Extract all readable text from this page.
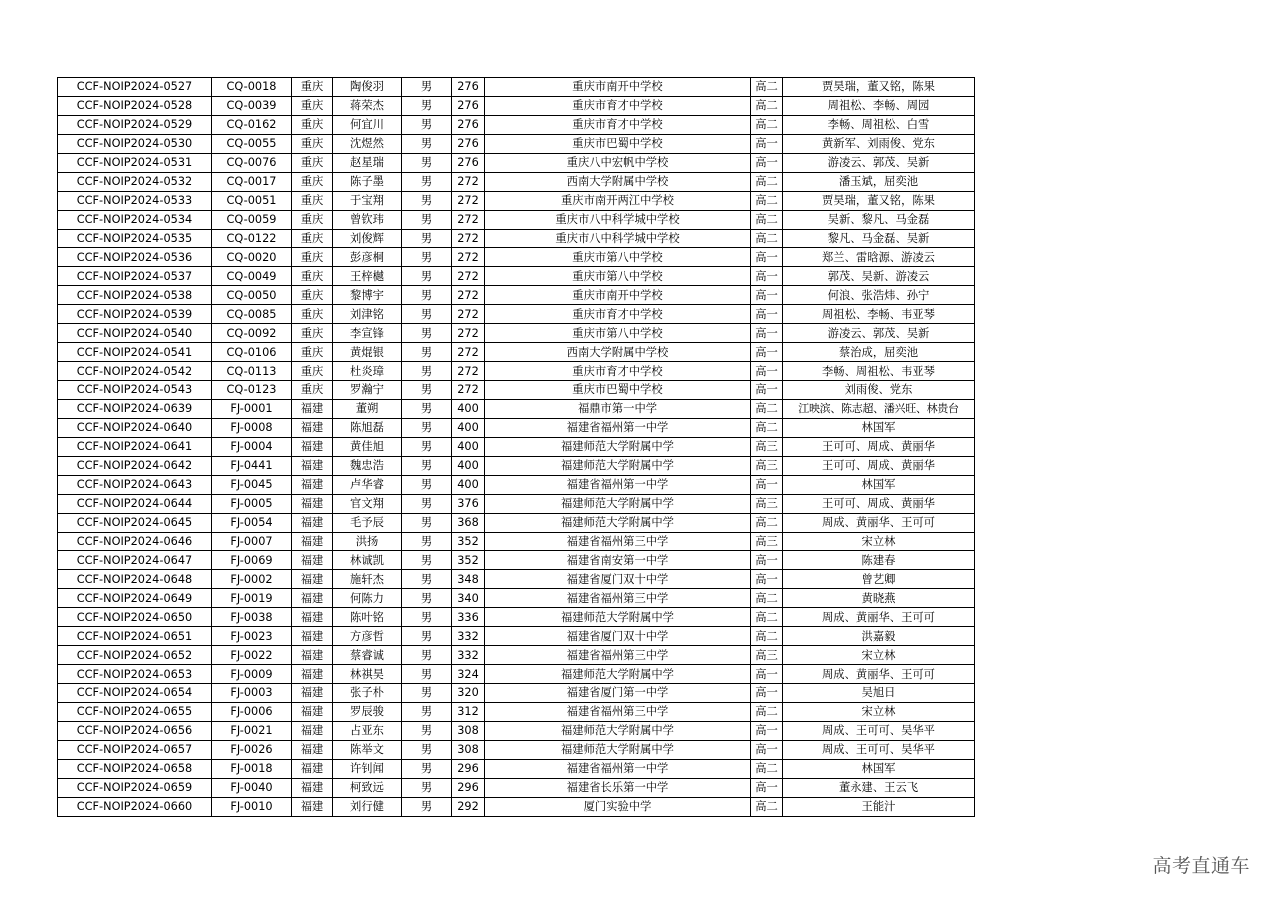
CCF-NOIP2024-0527	CQ-0018	重庆	陶俊羽	男	276	重庆市南开中学校	高二	贾昊瑞，董又铭，陈果
CCF-NOIP2024-0528	CQ-0039	重庆	蒋荣杰	男	276	重庆市育才中学校	高二	周祖松、李畅、周园
CCF-NOIP2024-0529	CQ-0162	重庆	何宜川	男	276	重庆市育才中学校	高二	李畅、周祖松、白雪
CCF-NOIP2024-0530	CQ-0055	重庆	沈煜然	男	276	重庆市巴蜀中学校	高一	黄新军、刘雨俊、党东
CCF-NOIP2024-0531	CQ-0076	重庆	赵星瑞	男	276	重庆八中宏帆中学校	高一	游凌云、郭茂、吴新
CCF-NOIP2024-0532	CQ-0017	重庆	陈子墨	男	272	西南大学附属中学校	高二	潘玉斌，屈奕池
CCF-NOIP2024-0533	CQ-0051	重庆	于宝翔	男	272	重庆市南开两江中学校	高二	贾昊瑞，董又铭，陈果
CCF-NOIP2024-0534	CQ-0059	重庆	曾钦玮	男	272	重庆市八中科学城中学校	高二	吴新、黎凡、马金磊
CCF-NOIP2024-0535	CQ-0122	重庆	刘俊辉	男	272	重庆市八中科学城中学校	高二	黎凡、马金磊、吴新
CCF-NOIP2024-0536	CQ-0020	重庆	彭彦桐	男	272	重庆市第八中学校	高一	郑兰、雷晗源、游凌云
CCF-NOIP2024-0537	CQ-0049	重庆	王梓樾	男	272	重庆市第八中学校	高一	郭茂、吴新、游凌云
CCF-NOIP2024-0538	CQ-0050	重庆	黎博宇	男	272	重庆市南开中学校	高一	何浪、张浩炜、孙宁
CCF-NOIP2024-0539	CQ-0085	重庆	刘津铭	男	272	重庆市育才中学校	高一	周祖松、李畅、韦亚琴
CCF-NOIP2024-0540	CQ-0092	重庆	李宣锋	男	272	重庆市第八中学校	高一	游凌云、郭茂、吴新
CCF-NOIP2024-0541	CQ-0106	重庆	黄焜银	男	272	西南大学附属中学校	高一	蔡治成，屈奕池
CCF-NOIP2024-0542	CQ-0113	重庆	杜炎璋	男	272	重庆市育才中学校	高一	李畅、周祖松、韦亚琴
CCF-NOIP2024-0543	CQ-0123	重庆	罗瀚宁	男	272	重庆市巴蜀中学校	高一	刘雨俊、党东
CCF-NOIP2024-0639	FJ-0001	福建	董朔	男	400	福鼎市第一中学	高二	江映滨、陈志超、潘兴旺、林贵台
CCF-NOIP2024-0640	FJ-0008	福建	陈旭磊	男	400	福建省福州第一中学	高二	林国军
CCF-NOIP2024-0641	FJ-0004	福建	黄佳旭	男	400	福建师范大学附属中学	高三	王可可、周成、黄丽华
CCF-NOIP2024-0642	FJ-0441	福建	魏忠浩	男	400	福建师范大学附属中学	高三	王可可、周成、黄丽华
CCF-NOIP2024-0643	FJ-0045	福建	卢华睿	男	400	福建省福州第一中学	高一	林国军
CCF-NOIP2024-0644	FJ-0005	福建	官文翔	男	376	福建师范大学附属中学	高三	王可可、周成、黄丽华
CCF-NOIP2024-0645	FJ-0054	福建	毛予辰	男	368	福建师范大学附属中学	高二	周成、黄丽华、王可可
CCF-NOIP2024-0646	FJ-0007	福建	洪扬	男	352	福建省福州第三中学	高三	宋立林
CCF-NOIP2024-0647	FJ-0069	福建	林诚凯	男	352	福建省南安第一中学	高一	陈建春
CCF-NOIP2024-0648	FJ-0002	福建	施轩杰	男	348	福建省厦门双十中学	高一	曾艺卿
CCF-NOIP2024-0649	FJ-0019	福建	何陈力	男	340	福建省福州第三中学	高二	黄晓燕
CCF-NOIP2024-0650	FJ-0038	福建	陈叶铭	男	336	福建师范大学附属中学	高二	周成、黄丽华、王可可
CCF-NOIP2024-0651	FJ-0023	福建	方彦哲	男	332	福建省厦门双十中学	高二	洪嘉毅
CCF-NOIP2024-0652	FJ-0022	福建	蔡睿诚	男	332	福建省福州第三中学	高三	宋立林
CCF-NOIP2024-0653	FJ-0009	福建	林祺昊	男	324	福建师范大学附属中学	高一	周成、黄丽华、王可可
CCF-NOIP2024-0654	FJ-0003	福建	张子朴	男	320	福建省厦门第一中学	高一	吴旭日
CCF-NOIP2024-0655	FJ-0006	福建	罗辰骏	男	312	福建省福州第三中学	高二	宋立林
CCF-NOIP2024-0656	FJ-0021	福建	占亚东	男	308	福建师范大学附属中学	高一	周成、王可可、吴华平
CCF-NOIP2024-0657	FJ-0026	福建	陈举文	男	308	福建师范大学附属中学	高一	周成、王可可、吴华平
CCF-NOIP2024-0658	FJ-0018	福建	许钊闻	男	296	福建省福州第一中学	高二	林国军
CCF-NOIP2024-0659	FJ-0040	福建	柯致远	男	296	福建省长乐第一中学	高一	董永建、王云飞
CCF-NOIP2024-0660	FJ-0010	福建	刘行健	男	292	厦门实验中学	高二	王能汁
高考直通车
